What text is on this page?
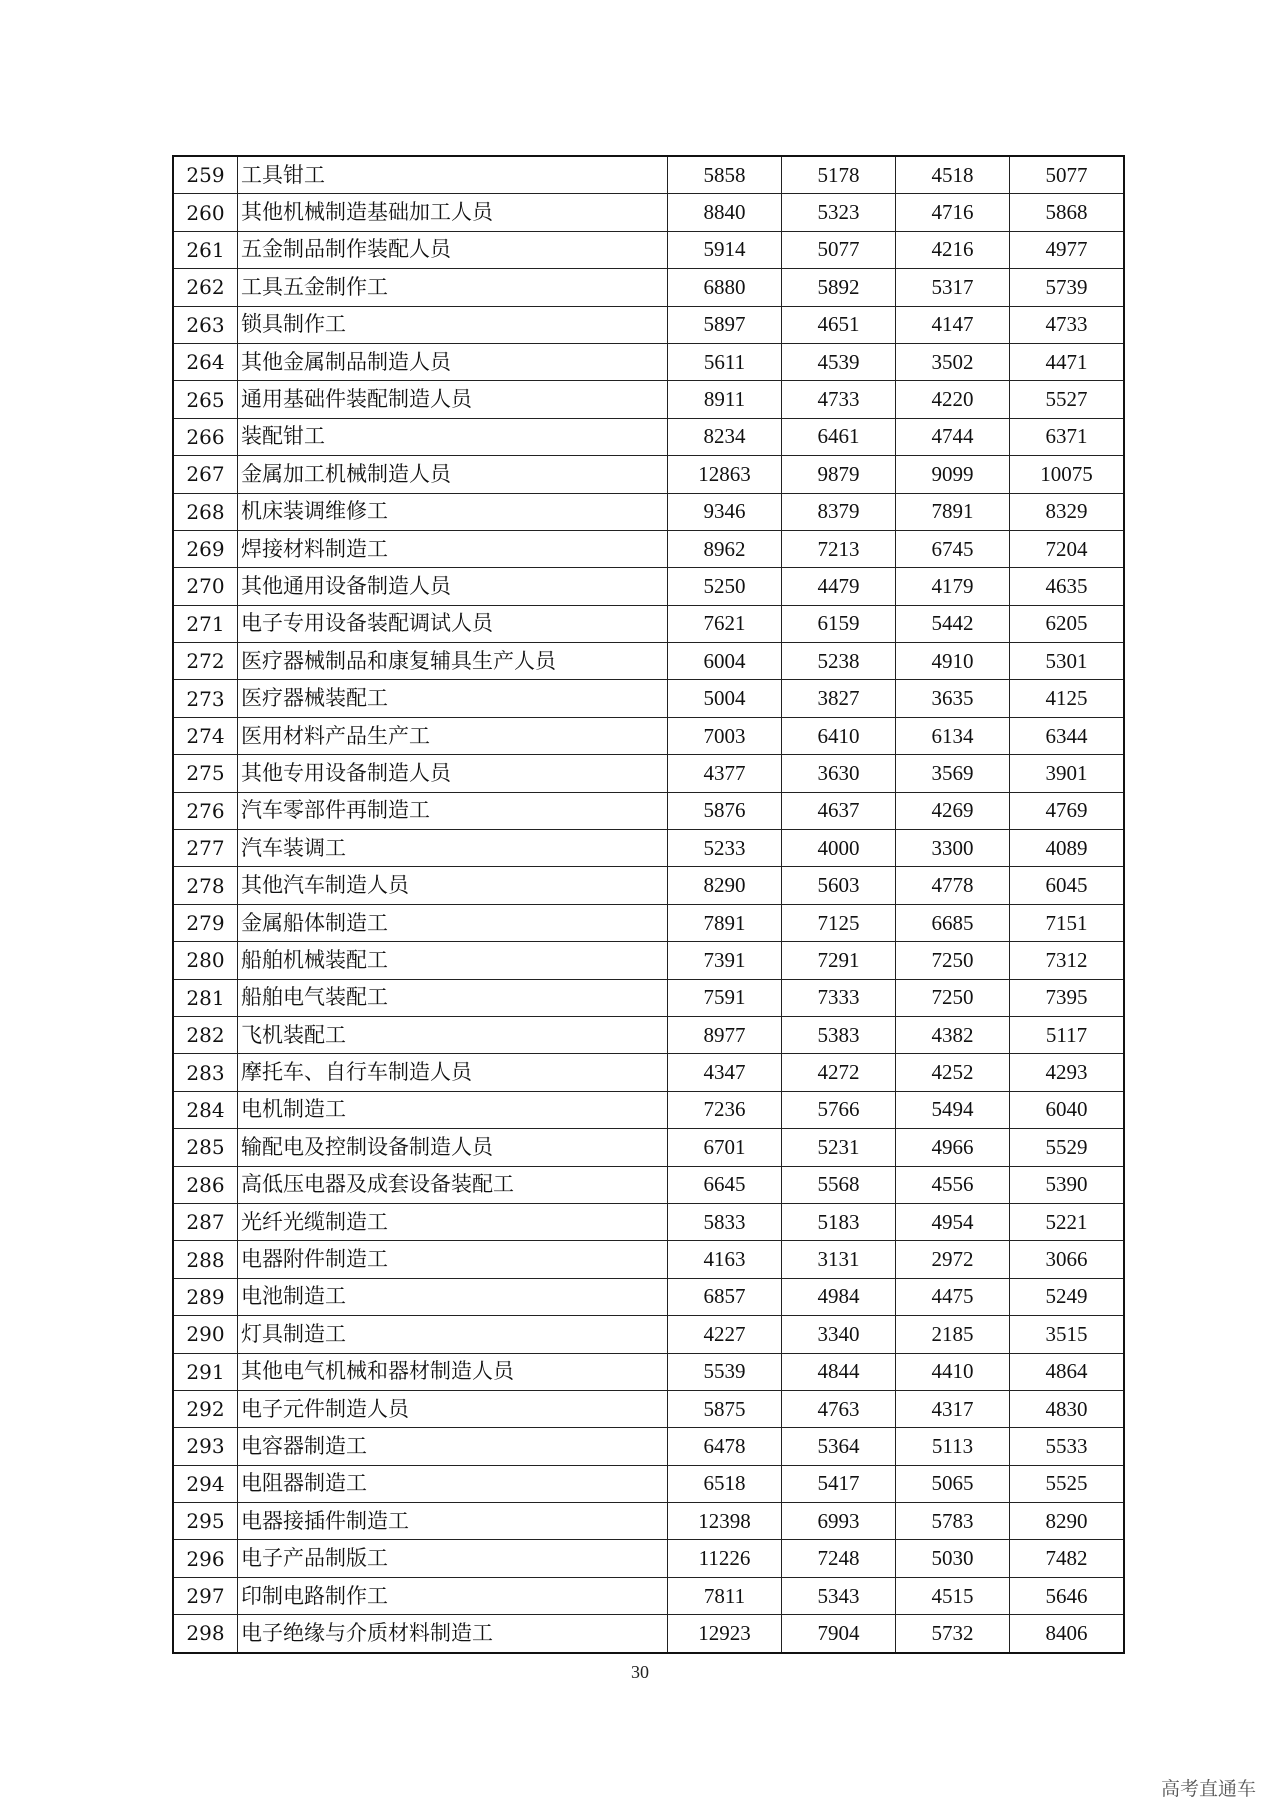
259	工具钳工	5858	5178	4518	5077
260	其他机械制造基础加工人员	8840	5323	4716	5868
261	五金制品制作装配人员	5914	5077	4216	4977
262	工具五金制作工	6880	5892	5317	5739
263	锁具制作工	5897	4651	4147	4733
264	其他金属制品制造人员	5611	4539	3502	4471
265	通用基础件装配制造人员	8911	4733	4220	5527
266	装配钳工	8234	6461	4744	6371
267	金属加工机械制造人员	12863	9879	9099	10075
268	机床装调维修工	9346	8379	7891	8329
269	焊接材料制造工	8962	7213	6745	7204
270	其他通用设备制造人员	5250	4479	4179	4635
271	电子专用设备装配调试人员	7621	6159	5442	6205
272	医疗器械制品和康复辅具生产人员	6004	5238	4910	5301
273	医疗器械装配工	5004	3827	3635	4125
274	医用材料产品生产工	7003	6410	6134	6344
275	其他专用设备制造人员	4377	3630	3569	3901
276	汽车零部件再制造工	5876	4637	4269	4769
277	汽车装调工	5233	4000	3300	4089
278	其他汽车制造人员	8290	5603	4778	6045
279	金属船体制造工	7891	7125	6685	7151
280	船舶机械装配工	7391	7291	7250	7312
281	船舶电气装配工	7591	7333	7250	7395
282	飞机装配工	8977	5383	4382	5117
283	摩托车、自行车制造人员	4347	4272	4252	4293
284	电机制造工	7236	5766	5494	6040
285	输配电及控制设备制造人员	6701	5231	4966	5529
286	高低压电器及成套设备装配工	6645	5568	4556	5390
287	光纤光缆制造工	5833	5183	4954	5221
288	电器附件制造工	4163	3131	2972	3066
289	电池制造工	6857	4984	4475	5249
290	灯具制造工	4227	3340	2185	3515
291	其他电气机械和器材制造人员	5539	4844	4410	4864
292	电子元件制造人员	5875	4763	4317	4830
293	电容器制造工	6478	5364	5113	5533
294	电阻器制造工	6518	5417	5065	5525
295	电器接插件制造工	12398	6993	5783	8290
296	电子产品制版工	11226	7248	5030	7482
297	印制电路制作工	7811	5343	4515	5646
298	电子绝缘与介质材料制造工	12923	7904	5732	8406
30
高考直通车
